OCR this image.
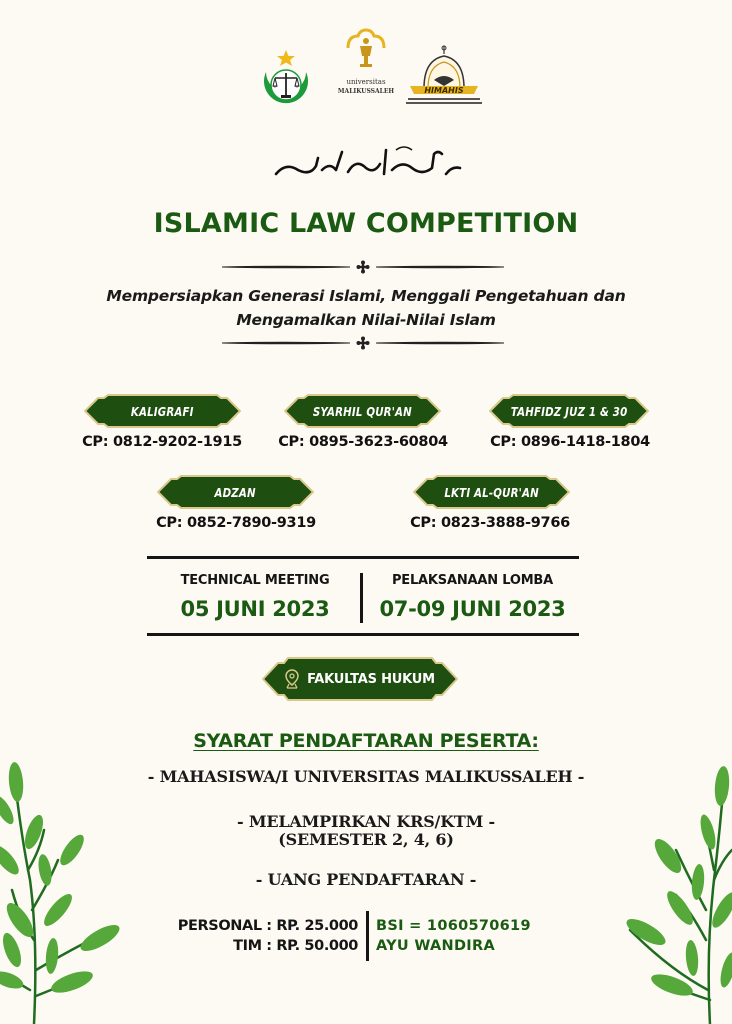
universitas
MALIKUSSALEH	HIMAHIS
ISLAMIC LAW COMPETITION
Mempersiapkan Generasi Islami, Menggali Pengetahuan dan
Mengamalkan Nilai-Nilai Islam
KALIGRAFI
CP: 0812-9202-1915
SYARHIL QUR'AN
CP: 0895-3623-60804
TAHFIDZ JUZ 1 & 30
CP: 0896-1418-1804
ADZAN
CP: 0852-7890-9319
LKTI AL-QUR'AN
CP: 0823-3888-9766
TECHNICAL MEETING
05 JUNI 2023
PELAKSANAAN LOMBA
07-09 JUNI 2023
FAKULTAS HUKUM
SYARAT PENDAFTARAN PESERTA:
- MAHASISWA/I UNIVERSITAS MALIKUSSALEH -
- MELAMPIRKAN KRS/KTM -
(SEMESTER 2, 4, 6)
- UANG PENDAFTARAN -
PERSONAL : RP. 25.000
TIM : RP. 50.000
BSI = 1060570619
AYU WANDIRA
